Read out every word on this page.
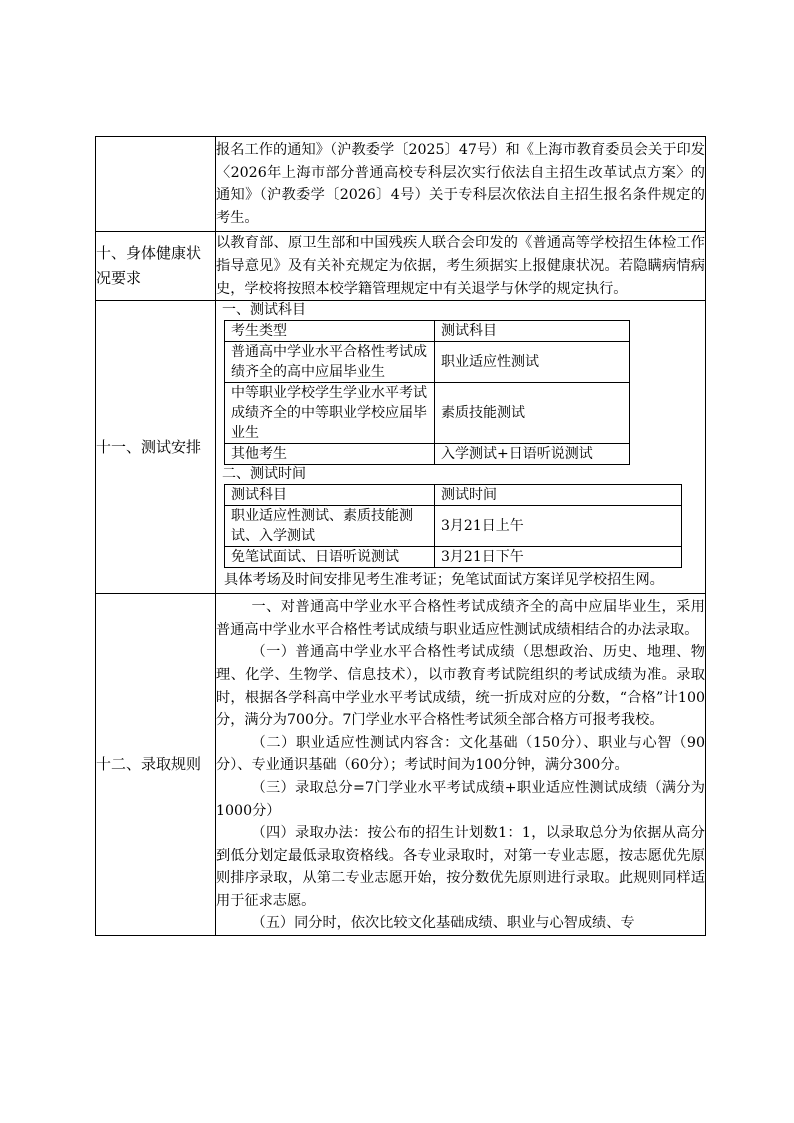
报名工作的通知》（沪教委学〔2025〕47号）和《上海市教育委员会关于印发〈2026年上海市部分普通高校专科层次实行依法自主招生改革试点方案〉的通知》（沪教委学〔2026〕4号）关于专科层次依法自主招生报名条件规定的考生。

十、身体健康状况要求	

以教育部、原卫生部和中国残疾人联合会印发的《普通高等学校招生体检工作指导意见》及有关补充规定为依据，考生须据实上报健康状况。若隐瞒病情病史，学校将按照本校学籍管理规定中有关退学与休学的规定执行。

十一、测试安排	
一、测试科目
考生类型	测试科目
普通高中学业水平合格性考试成绩齐全的高中应届毕业生	职业适应性测试
中等职业学校学生学业水平考试成绩齐全的中等职业学校应届毕业生	素质技能测试
其他考生	入学测试+日语听说测试
二、测试时间
测试科目	测试时间
职业适应性测试、素质技能测试、入学测试	3月21日上午
免笔试面试、日语听说测试	3月21日下午
具体考场及时间安排见考生准考证；免笔试面试方案详见学校招生网。

十二、录取规则	

一、对普通高中学业水平合格性考试成绩齐全的高中应届毕业生，采用普通高中学业水平合格性考试成绩与职业适应性测试成绩相结合的办法录取。

（一）普通高中学业水平合格性考试成绩（思想政治、历史、地理、物理、化学、生物学、信息技术），以市教育考试院组织的考试成绩为准。录取时，根据各学科高中学业水平考试成绩，统一折成对应的分数，“合格”计100分，满分为700分。7门学业水平合格性考试须全部合格方可报考我校。

（二）职业适应性测试内容含：文化基础（150分）、职业与心智（90分）、专业通识基础（60分）；考试时间为100分钟，满分300分。

（三）录取总分=7门学业水平考试成绩+职业适应性测试成绩（满分为1000分）

（四）录取办法：按公布的招生计划数1：1，以录取总分为依据从高分到低分划定最低录取资格线。各专业录取时，对第一专业志愿，按志愿优先原则排序录取，从第二专业志愿开始，按分数优先原则进行录取。此规则同样适用于征求志愿。

（五）同分时，依次比较文化基础成绩、职业与心智成绩、专
